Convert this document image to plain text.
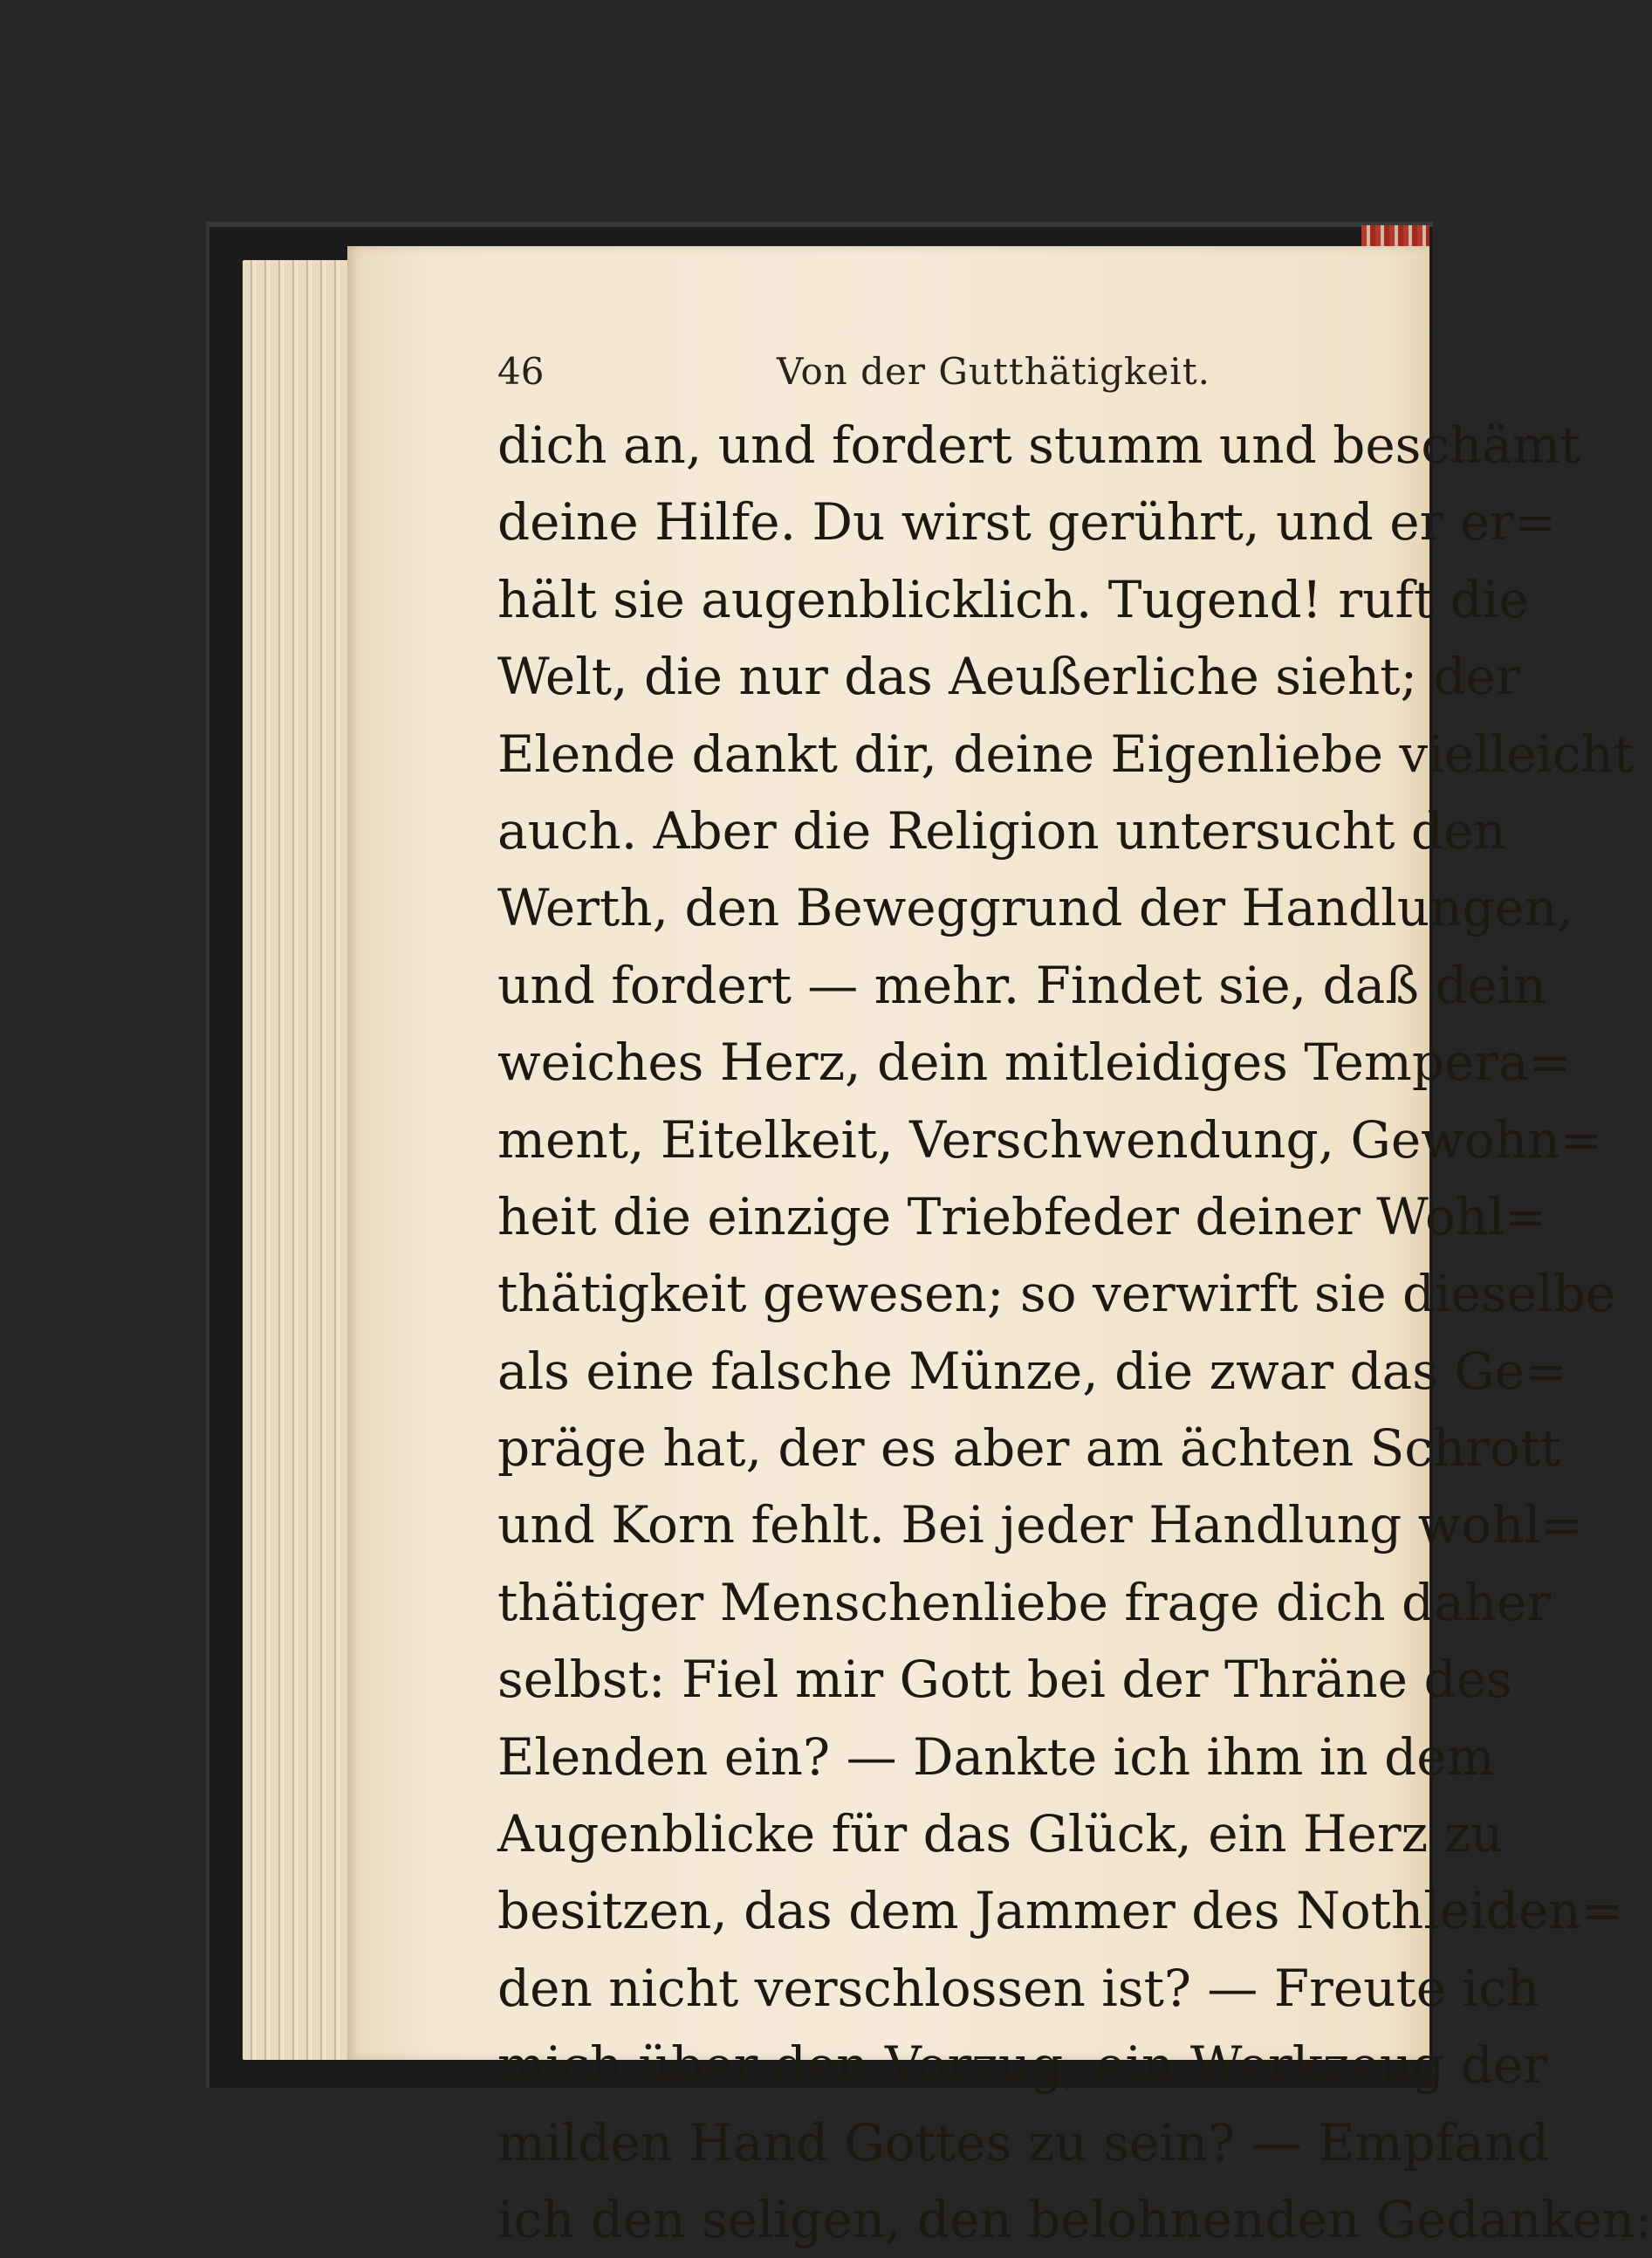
46	Von der Gutthätigkeit.
dich an, und fordert stumm und beschämt
deine Hilfe. Du wirst gerührt, und er er=
hält sie augenblicklich. Tugend! ruft die
Welt, die nur das Aeußerliche sieht; der
Elende dankt dir, deine Eigenliebe vielleicht
auch. Aber die Religion untersucht den
Werth, den Beweggrund der Handlungen,
und fordert — mehr. Findet sie, daß dein
weiches Herz, dein mitleidiges Tempera=
ment, Eitelkeit, Verschwendung, Gewohn=
heit die einzige Triebfeder deiner Wohl=
thätigkeit gewesen; so verwirft sie dieselbe
als eine falsche Münze, die zwar das Ge=
präge hat, der es aber am ächten Schrott
und Korn fehlt. Bei jeder Handlung wohl=
thätiger Menschenliebe frage dich daher
selbst: Fiel mir Gott bei der Thräne des
Elenden ein? — Dankte ich ihm in dem
Augenblicke für das Glück, ein Herz zu
besitzen, das dem Jammer des Nothleiden=
den nicht verschlossen ist? — Freute ich
mich über den Vorzug, ein Werkzeug der
milden Hand Gottes zu sein? — Empfand
ich den seligen, den belohnenden Gedanken:
